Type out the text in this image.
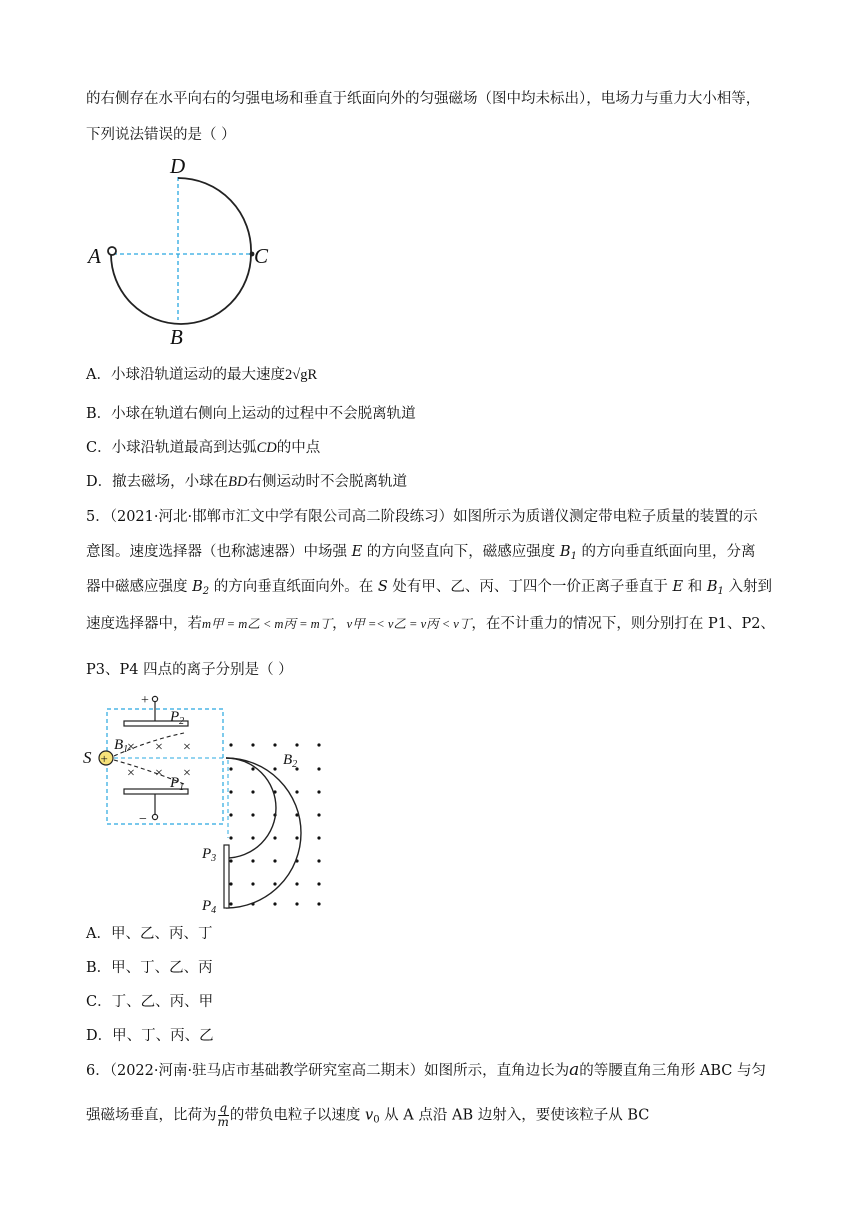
的右侧存在水平向右的匀强电场和垂直于纸面向外的匀强磁场（图中均未标出），电场力与重力大小相等，
下列说法错误的是（ ）
A
B
C
D
A．小球沿轨道运动的最大速度2√gR
B．小球在轨道右侧向上运动的过程中不会脱离轨道
C．小球沿轨道最高到达弧CD的中点
D．撤去磁场，小球在BD右侧运动时不会脱离轨道
5．（2021·河北·邯郸市汇文中学有限公司高二阶段练习）如图所示为质谱仪测定带电粒子质量的装置的示
意图。速度选择器（也称滤速器）中场强 E 的方向竖直向下，磁感应强度 $B_1$ 的方向垂直纸面向里，分离
器中磁感应强度 $B_2$ 的方向垂直纸面向外。在 S 处有甲、乙、丙、丁四个一价正离子垂直于 E 和 $B_1$ 入射到
速度选择器中，若m甲 = m乙 < m丙 = m丁，v甲 =< v乙 = v丙 < v丁，在不计重力的情况下，则分别打在 P1、P2、
P3、P4 四点的离子分别是（ ）
+
−
S +
× × ×
× × ×
$B_1$
$P_2$
$P_1$
$B_2$
$P_3$
$P_4$
A．甲、乙、丙、丁
B．甲、丁、乙、丙
C．丁、乙、丙、甲
D．甲、丁、丙、乙
6．（2022·河南·驻马店市基础教学研究室高二期末）如图所示，直角边长为a的等腰直角三角形 ABC 与匀
强磁场垂直，比荷为 $\frac{q}{m}$ 的带负电粒子以速度 $v_0$ 从 A 点沿 AB 边射入，要使该粒子从 BC
